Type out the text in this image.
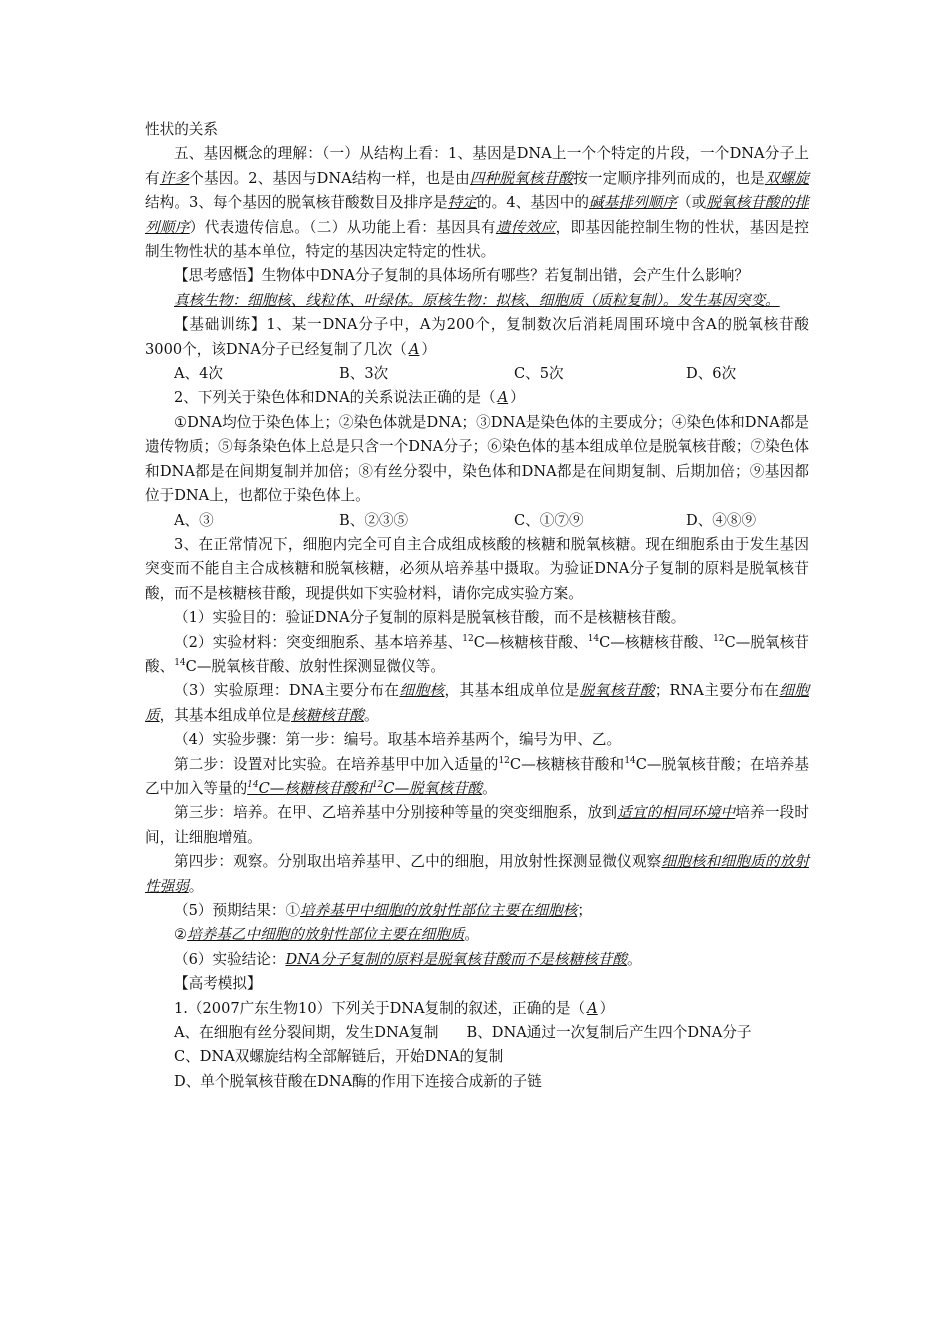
性状的关系

五、基因概念的理解：（一）从结构上看：1、基因是DNA上一个个特定的片段，一个DNA分子上有许多个基因。2、基因与DNA结构一样，也是由四种脱氧核苷酸按一定顺序排列而成的，也是双螺旋结构。3、每个基因的脱氧核苷酸数目及排序是特定的。4、基因中的碱基排列顺序（或脱氧核苷酸的排列顺序）代表遗传信息。（二）从功能上看：基因具有遗传效应，即基因能控制生物的性状，基因是控制生物性状的基本单位，特定的基因决定特定的性状。

【思考感悟】生物体中DNA分子复制的具体场所有哪些？若复制出错，会产生什么影响？

真核生物：细胞核、线粒体、叶绿体。原核生物：拟核、细胞质（质粒复制）。发生基因突变。

【基础训练】1、某一DNA分子中，A为200个，复制数次后消耗周围环境中含A的脱氧核苷酸3000个，该DNA分子已经复制了几次（ A ）

A、4次	B、3次	C、5次	D、6次

2、下列关于染色体和DNA的关系说法正确的是（ A ）

①DNA均位于染色体上；②染色体就是DNA；③DNA是染色体的主要成分；④染色体和DNA都是遗传物质；⑤每条染色体上总是只含一个DNA分子；⑥染色体的基本组成单位是脱氧核苷酸；⑦染色体和DNA都是在间期复制并加倍；⑧有丝分裂中，染色体和DNA都是在间期复制、后期加倍；⑨基因都位于DNA上，也都位于染色体上。

A、③	B、②③⑤	C、①⑦⑨	D、④⑧⑨

3、在正常情况下，细胞内完全可自主合成组成核酸的核糖和脱氧核糖。现在细胞系由于发生基因突变而不能自主合成核糖和脱氧核糖，必须从培养基中摄取。为验证DNA分子复制的原料是脱氧核苷酸，而不是核糖核苷酸，现提供如下实验材料，请你完成实验方案。

（1）实验目的：验证DNA分子复制的原料是脱氧核苷酸，而不是核糖核苷酸。

（2）实验材料：突变细胞系、基本培养基、$^{12}$C—核糖核苷酸、$^{14}$C—核糖核苷酸、$^{12}$C—脱氧核苷酸、$^{14}$C—脱氧核苷酸、放射性探测显微仪等。

（3）实验原理：DNA主要分布在细胞核，其基本组成单位是脱氧核苷酸；RNA主要分布在细胞质，其基本组成单位是核糖核苷酸。

（4）实验步骤：第一步：编号。取基本培养基两个，编号为甲、乙。

第二步：设置对比实验。在培养基甲中加入适量的$^{12}$C—核糖核苷酸和$^{14}$C—脱氧核苷酸；在培养基乙中加入等量的$^{14}$C—核糖核苷酸和$^{12}$C—脱氧核苷酸。

第三步：培养。在甲、乙培养基中分别接种等量的突变细胞系，放到适宜的相同环境中培养一段时间，让细胞增殖。

第四步：观察。分别取出培养基甲、乙中的细胞，用放射性探测显微仪观察细胞核和细胞质的放射性强弱。

（5）预期结果：①培养基甲中细胞的放射性部位主要在细胞核；

②培养基乙中细胞的放射性部位主要在细胞质。

（6）实验结论：DNA分子复制的原料是脱氧核苷酸而不是核糖核苷酸。

【高考模拟】

1.（2007广东生物10）下列关于DNA复制的叙述，正确的是（ A ）

A、在细胞有丝分裂间期，发生DNA复制 B、DNA通过一次复制后产生四个DNA分子

C、DNA双螺旋结构全部解链后，开始DNA的复制

D、单个脱氧核苷酸在DNA酶的作用下连接合成新的子链
